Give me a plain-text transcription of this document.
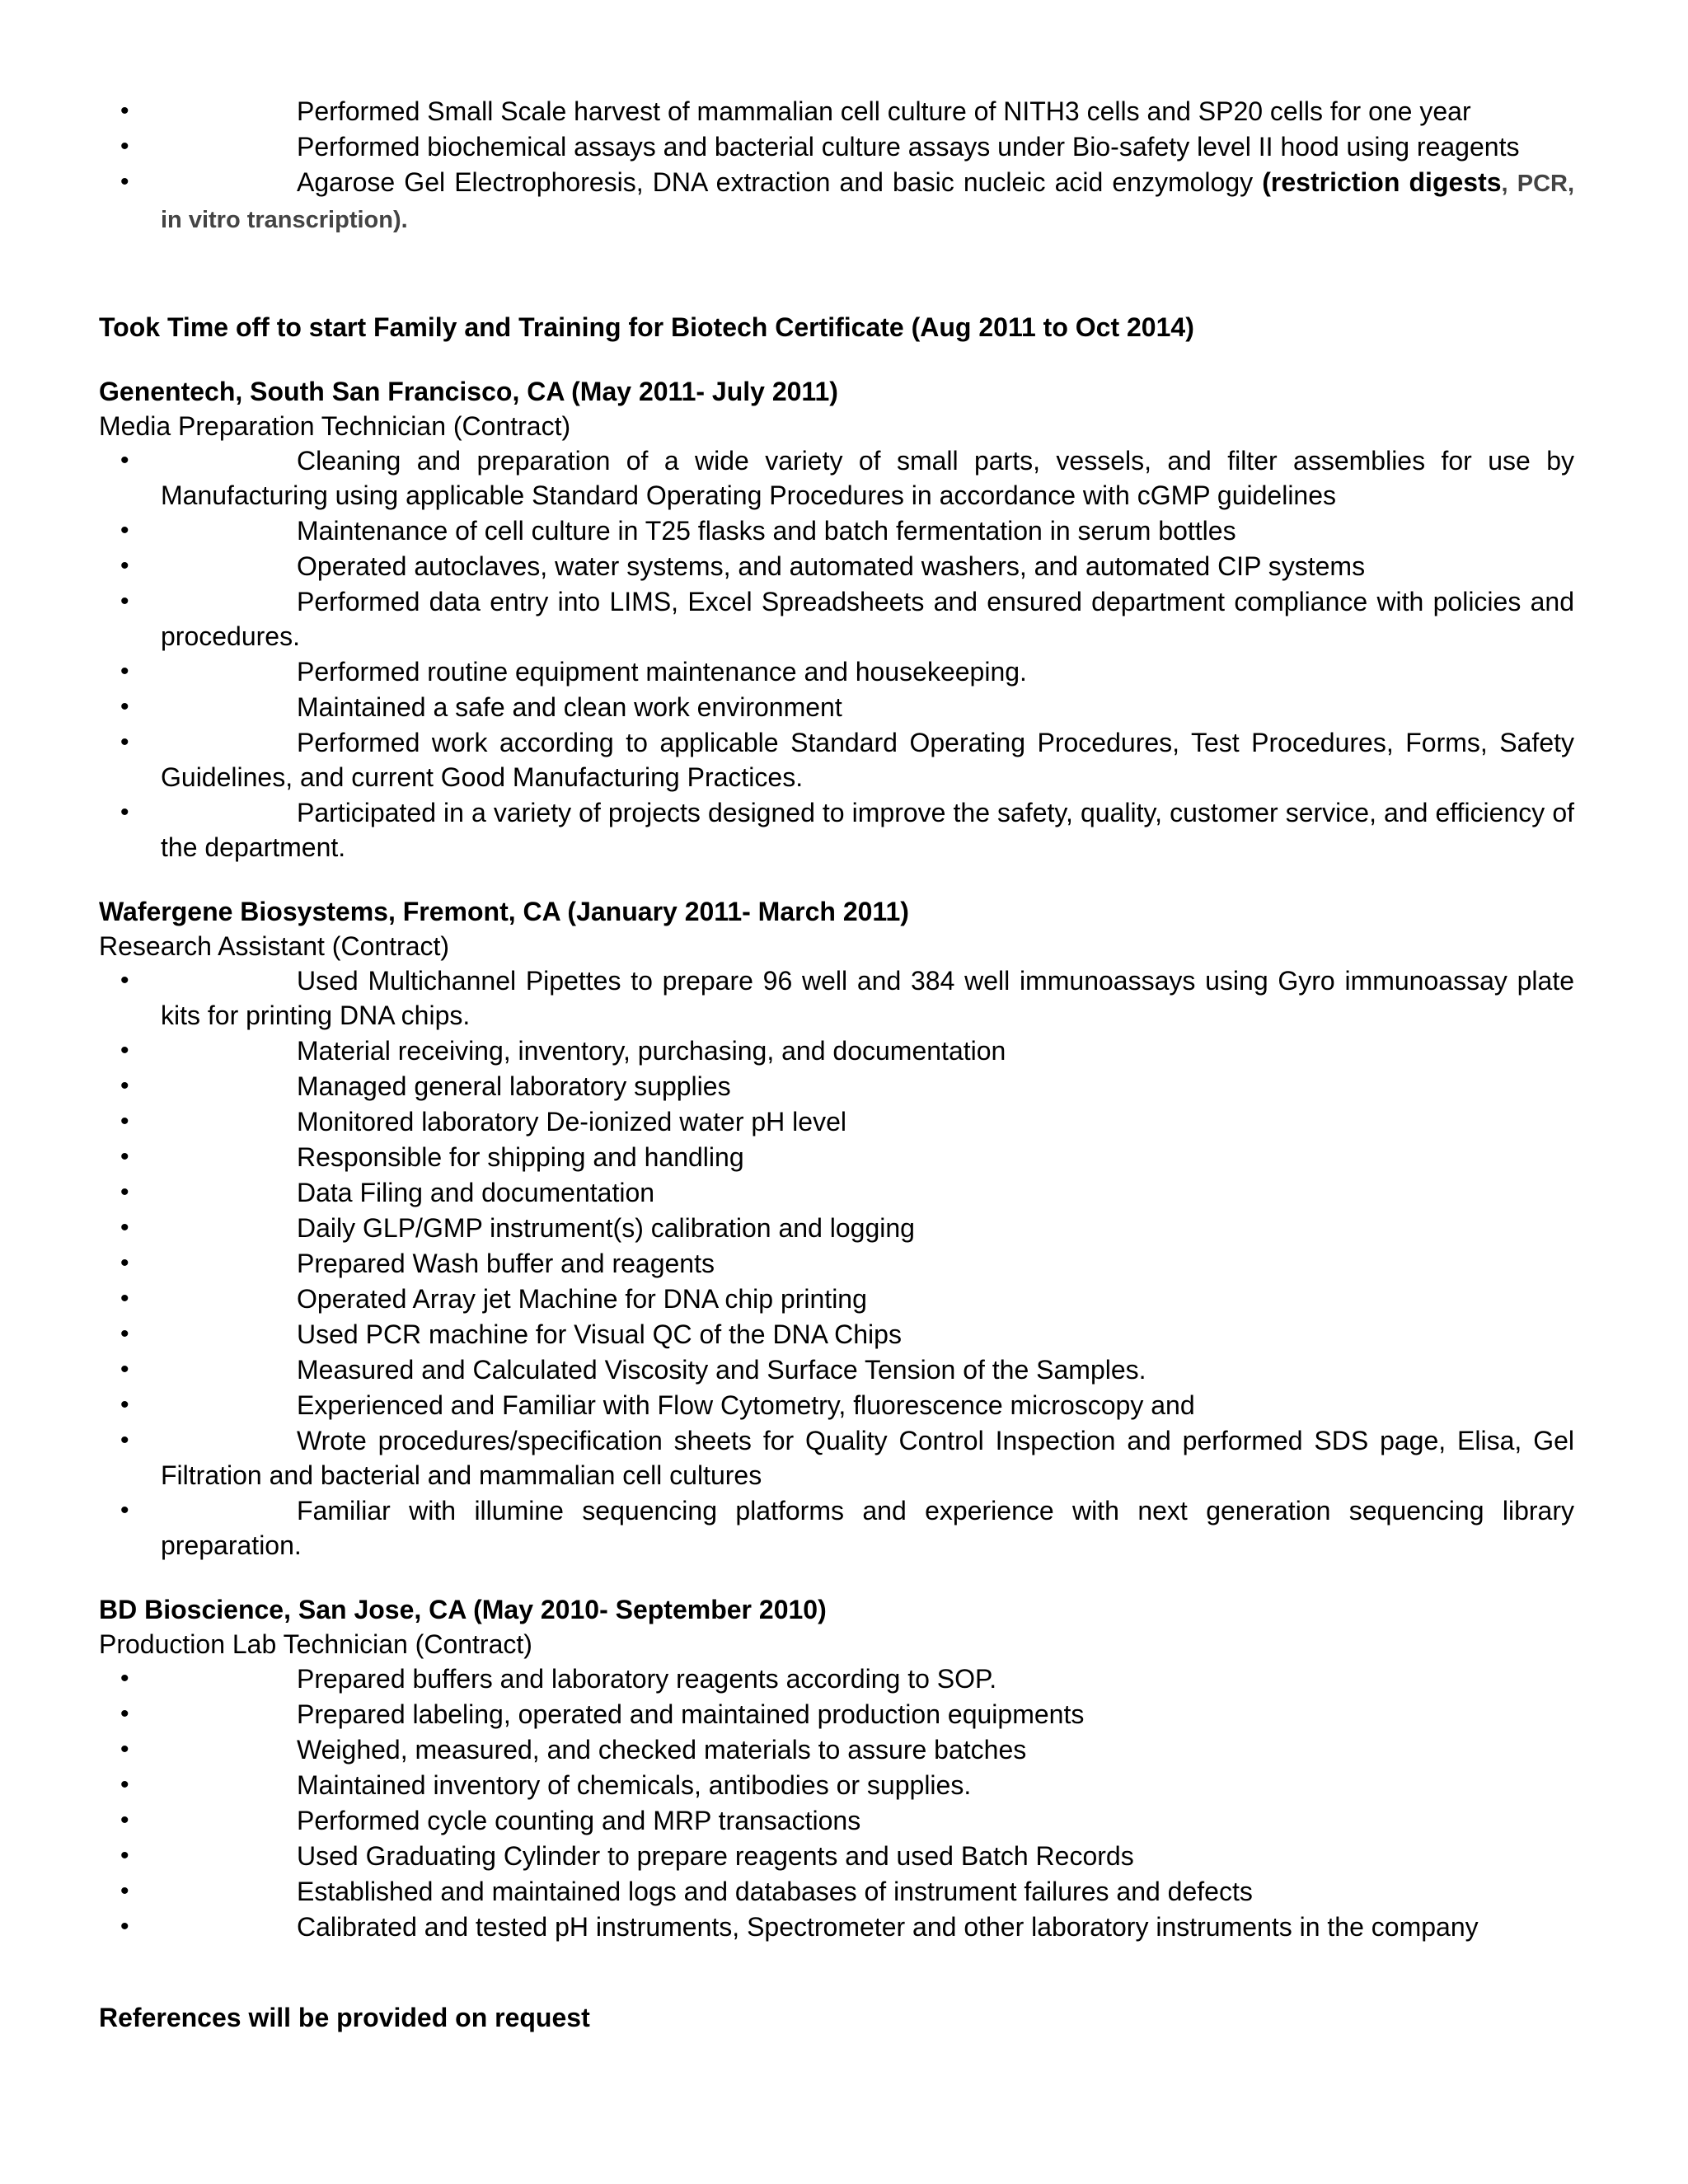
•	Performed Small Scale harvest of mammalian cell culture of NITH3 cells and SP20 cells for one year
•	Performed biochemical assays and bacterial culture assays under Bio-safety level II hood using reagents
•	Agarose Gel Electrophoresis, DNA extraction and basic nucleic acid enzymology (restriction digests, PCR, in vitro transcription).
Took Time off to start Family and Training for Biotech Certificate (Aug 2011 to Oct 2014)
Genentech, South San Francisco, CA (May 2011- July 2011)
Media Preparation Technician (Contract)
•	Cleaning and preparation of a wide variety of small parts, vessels, and filter assemblies for use by Manufacturing using applicable Standard Operating Procedures in accordance with cGMP guidelines
•	Maintenance of cell culture in T25 flasks and batch fermentation in serum bottles
•	Operated autoclaves, water systems, and automated washers, and automated CIP systems
•	Performed data entry into LIMS, Excel Spreadsheets and ensured department compliance with policies and procedures.
•	Performed routine equipment maintenance and housekeeping.
•	Maintained a safe and clean work environment
•	Performed work according to applicable Standard Operating Procedures, Test Procedures, Forms, Safety Guidelines, and current Good Manufacturing Practices.
•	Participated in a variety of projects designed to improve the safety, quality, customer service, and efficiency of the department.
Wafergene Biosystems, Fremont, CA (January 2011- March 2011)
Research Assistant (Contract)
•	Used Multichannel Pipettes to prepare 96 well and 384 well immunoassays using Gyro immunoassay plate kits for printing DNA chips.
•	Material receiving, inventory, purchasing, and documentation
•	Managed general laboratory supplies
•	Monitored laboratory De-ionized water pH level
•	Responsible for shipping and handling
•	Data Filing and documentation
•	Daily GLP/GMP instrument(s) calibration and logging
•	Prepared Wash buffer and reagents
•	Operated Array jet Machine for DNA chip printing
•	Used PCR machine for Visual QC of the DNA Chips
•	Measured and Calculated Viscosity and Surface Tension of the Samples.
•	Experienced and Familiar with Flow Cytometry, fluorescence microscopy and
•	Wrote procedures/specification sheets for Quality Control Inspection and performed SDS page, Elisa, Gel Filtration and bacterial and mammalian cell cultures
•	Familiar with illumine sequencing platforms and experience with next generation sequencing library preparation.
BD Bioscience, San Jose, CA (May 2010- September 2010)
Production Lab Technician (Contract)
•	Prepared buffers and laboratory reagents according to SOP.
•	Prepared labeling, operated and maintained production equipments
•	Weighed, measured, and checked materials to assure batches
•	Maintained inventory of chemicals, antibodies or supplies.
•	Performed cycle counting and MRP transactions
•	Used Graduating Cylinder to prepare reagents and used Batch Records
•	Established and maintained logs and databases of instrument failures and defects
•	Calibrated and tested pH instruments, Spectrometer and other laboratory instruments in the company
References will be provided on request
